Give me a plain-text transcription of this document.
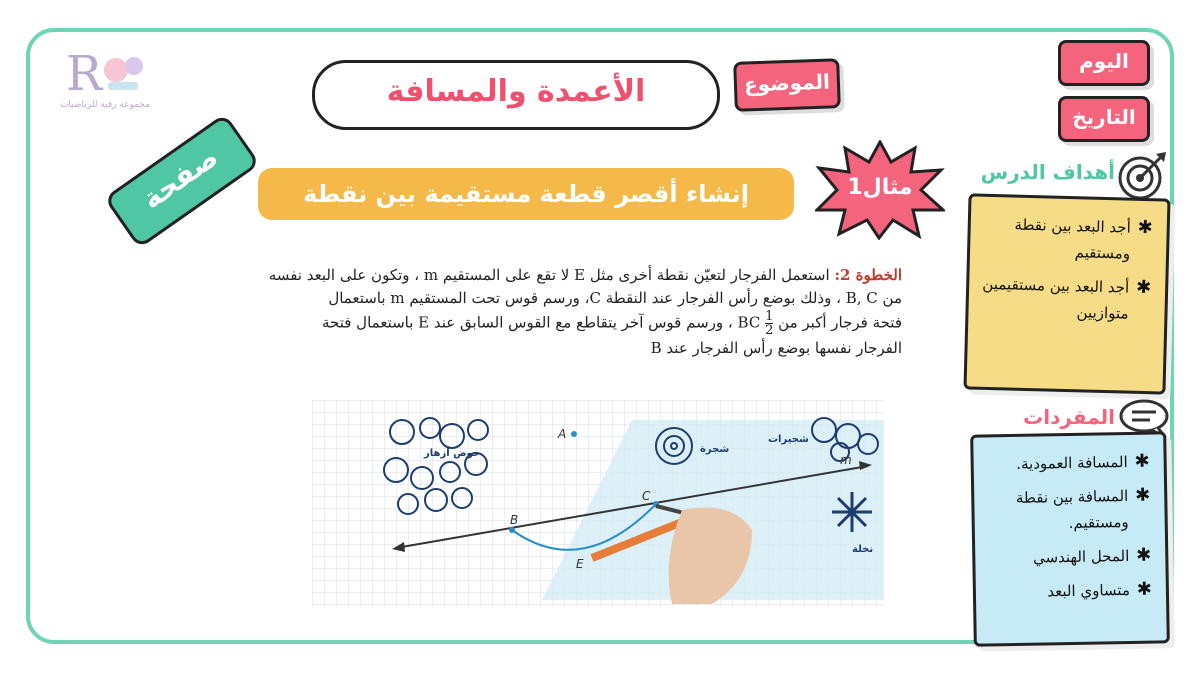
R
مجموعة رقية للرياضيات
اليوم
التاريخ
الأعمدة والمسافة	الموضوع
صفحة 127	إنشاء أقصر قطعة مستقيمة بين نقطة ومستقيم
مثال1
أهداف الدرس
✱
أجد البعد بين نقطة ومستقيم
✱
أجد البعد بين مستقيمين متوازيين
المفردات
✱
المسافة العمودية.
✱
المسافة بين نقطة ومستقيم.
✱
المحل الهندسي
✱
متساوي البعد
الخطوة 2: استعمل الفرجار لتعيّن نقطة أخرى مثل E لا تقع على المستقيم m ، وتكون على البعد نفسه
من B, C ، وذلك بوضع رأس الفرجار عند النقطة C، ورسم قوس تحت المستقيم m باستعمال
فتحة فرجار أكبر من
$\frac{1}{2}$
BC ، ورسم قوس آخر يتقاطع مع القوس السابق عند E باستعمال فتحة
الفرجار نفسها بوضع رأس الفرجار عند B
حوض أزهار	شجرة
شجيرات
نخلة
m
A
B
C
E
